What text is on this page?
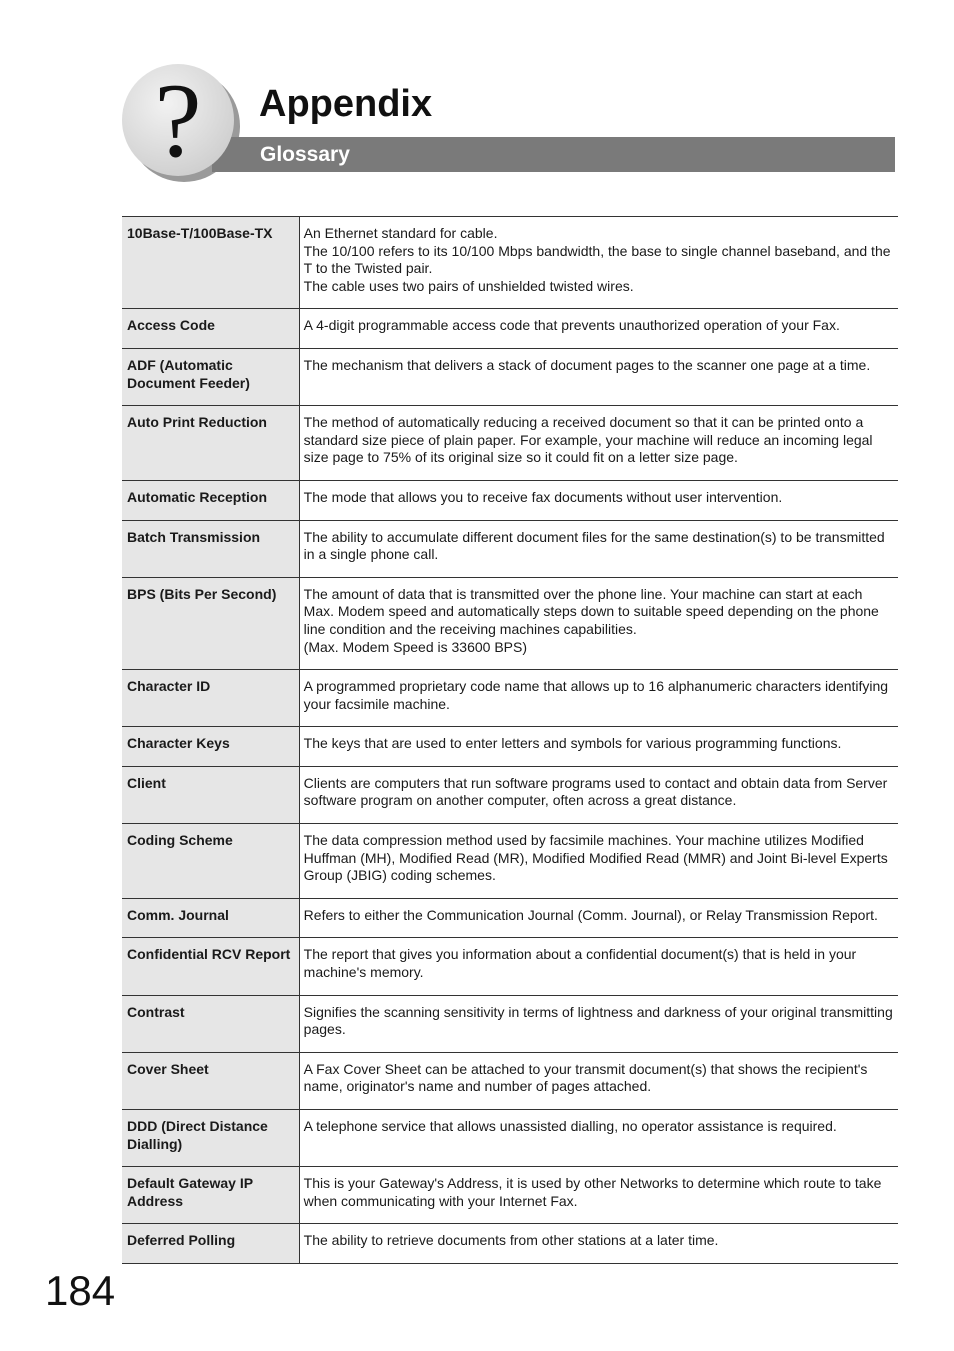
?	Appendix
Glossary
10Base-T/100Base-TX	An Ethernet standard for cable.
The 10/100 refers to its 10/100 Mbps bandwidth, the base to single channel baseband, and the T to the Twisted pair.
The cable uses two pairs of unshielded twisted wires.

Access Code	A 4-digit programmable access code that prevents unauthorized operation of your Fax.

ADF (Automatic Document Feeder)	The mechanism that delivers a stack of document pages to the scanner one page at a time.

Auto Print Reduction	The method of automatically reducing a received document so that it can be printed onto a standard size piece of plain paper. For example, your machine will reduce an incoming legal size page to 75% of its original size so it could fit on a letter size page.

Automatic Reception	The mode that allows you to receive fax documents without user intervention.

Batch Transmission	The ability to accumulate different document files for the same destination(s) to be transmitted in a single phone call.

BPS (Bits Per Second)	The amount of data that is transmitted over the phone line. Your machine can start at each Max. Modem speed and automatically steps down to suitable speed depending on the phone line condition and the receiving machines capabilities.
(Max. Modem Speed is 33600 BPS)

Character ID	A programmed proprietary code name that allows up to 16 alphanumeric characters identifying your facsimile machine.

Character Keys	The keys that are used to enter letters and symbols for various programming functions.

Client	Clients are computers that run software programs used to contact and obtain data from Server software program on another computer, often across a great distance.

Coding Scheme	The data compression method used by facsimile machines. Your machine utilizes Modified Huffman (MH), Modified Read (MR), Modified Modified Read (MMR) and Joint Bi-level Experts Group (JBIG) coding schemes.

Comm. Journal	Refers to either the Communication Journal (Comm. Journal), or Relay Transmission Report.

Confidential RCV Report	The report that gives you information about a confidential document(s) that is held in your machine's memory.

Contrast	Signifies the scanning sensitivity in terms of lightness and darkness of your original transmitting pages.

Cover Sheet	A Fax Cover Sheet can be attached to your transmit document(s) that shows the recipient's name, originator's name and number of pages attached.

DDD (Direct Distance Dialling)	A telephone service that allows unassisted dialling, no operator assistance is required.

Default Gateway IP Address	This is your Gateway's Address, it is used by other Networks to determine which route to take when communicating with your Internet Fax.

Deferred Polling	The ability to retrieve documents from other stations at a later time.
184
